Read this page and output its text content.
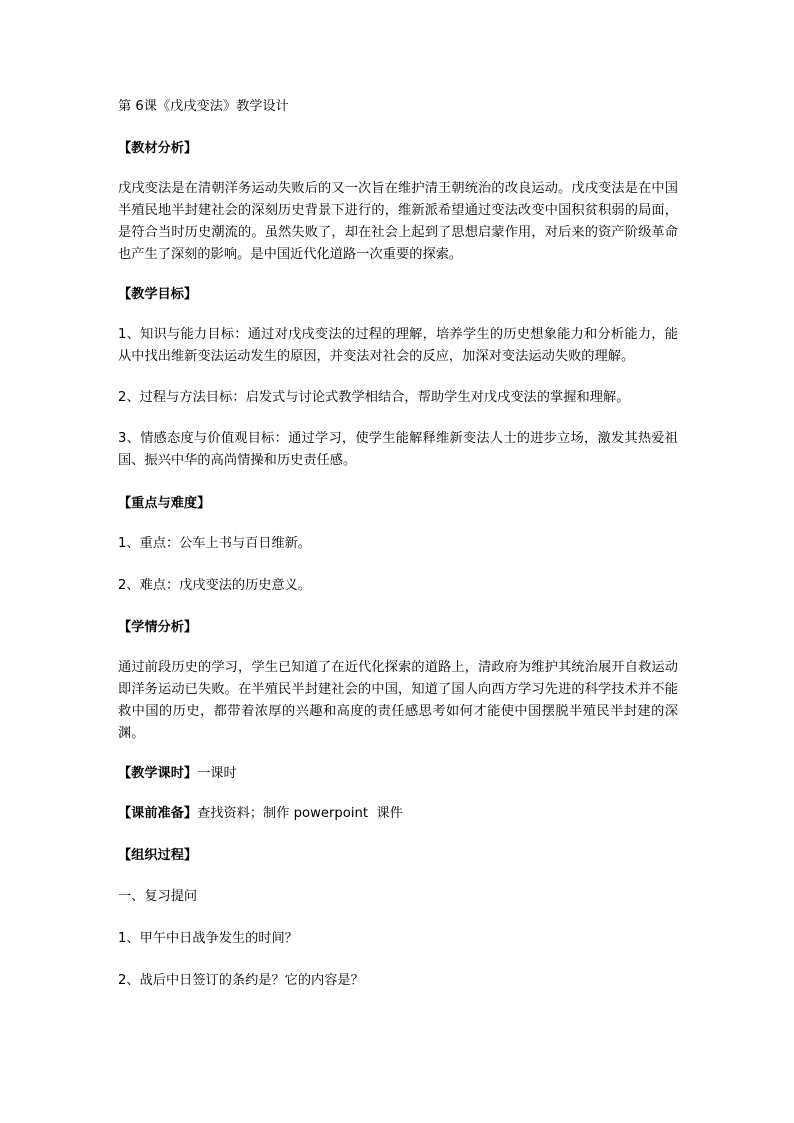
第 6课《戊戌变法》教学设计

【教材分析】

戊戌变法是在清朝洋务运动失败后的又一次旨在维护清王朝统治的改良运动。戊戌变法是在中国半殖民地半封建社会的深刻历史背景下进行的，维新派希望通过变法改变中国积贫积弱的局面，是符合当时历史潮流的。虽然失败了，却在社会上起到了思想启蒙作用，对后来的资产阶级革命也产生了深刻的影响。是中国近代化道路一次重要的探索。

【教学目标】

1、知识与能力目标：通过对戊戌变法的过程的理解，培养学生的历史想象能力和分析能力，能从中找出维新变法运动发生的原因，并变法对社会的反应，加深对变法运动失败的理解。

2、过程与方法目标：启发式与讨论式教学相结合，帮助学生对戊戌变法的掌握和理解。

3、情感态度与价值观目标：通过学习，使学生能解释维新变法人士的进步立场，激发其热爱祖国、振兴中华的高尚情操和历史责任感。

【重点与难度】

1、重点：公车上书与百日维新。

2、难点：戊戌变法的历史意义。

【学情分析】

通过前段历史的学习，学生已知道了在近代化探索的道路上，清政府为维护其统治展开自救运动即洋务运动已失败。在半殖民半封建社会的中国，知道了国人向西方学习先进的科学技术并不能救中国的历史，都带着浓厚的兴趣和高度的责任感思考如何才能使中国摆脱半殖民半封建的深渊。

【教学课时】一课时

【课前准备】查找资料；制作 powerpoint  课件

【组织过程】

一、复习提问

1、甲午中日战争发生的时间？

2、战后中日签订的条约是？它的内容是？
